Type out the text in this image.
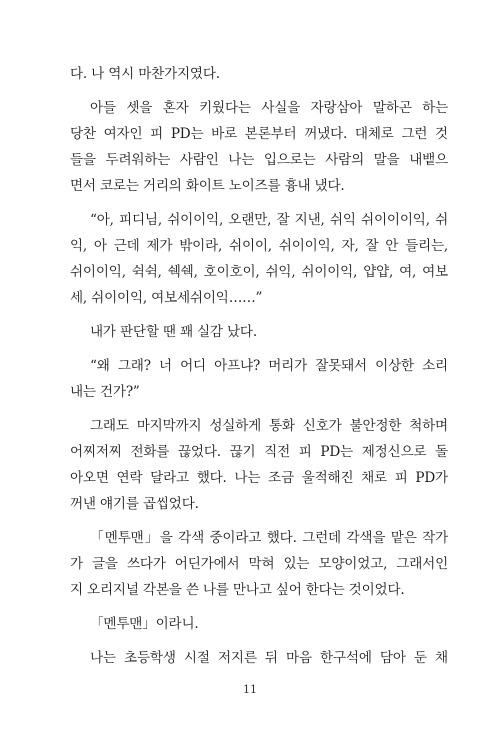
다. 나 역시 마찬가지였다.
아들 셋을 혼자 키웠다는 사실을 자랑삼아 말하곤 하는
당찬 여자인 피 PD는 바로 본론부터 꺼냈다. 대체로 그런 것
들을 두려워하는 사람인 나는 입으로는 사람의 말을 내뱉으
면서 코로는 거리의 화이트 노이즈를 흉내 냈다.
“아, 피디님, 쉬이이익, 오랜만, 잘 지낸, 쉬익 쉬이이이익, 쉬
익, 아 근데 제가 밖이라, 쉬이이, 쉬이이익, 자, 잘 안 들리는,
쉬이이익, 쉭쉭, 쉑쉑, 호이호이, 쉬익, 쉬이이익, 얍얍, 여, 여보
세, 쉬이이익, 여보세쉬이익……”
내가 판단할 땐 꽤 실감 났다.
“왜 그래? 너 어디 아프냐? 머리가 잘못돼서 이상한 소리
내는 건가?”
그래도 마지막까지 성실하게 통화 신호가 불안정한 척하며
어찌저찌 전화를 끊었다. 끊기 직전 피 PD는 제정신으로 돌
아오면 연락 달라고 했다. 나는 조금 울적해진 채로 피 PD가
꺼낸 얘기를 곱씹었다.
「멘투맨」을 각색 중이라고 했다. 그런데 각색을 맡은 작가
가 글을 쓰다가 어딘가에서 막혀 있는 모양이었고, 그래서인
지 오리지널 각본을 쓴 나를 만나고 싶어 한다는 것이었다.
「멘투맨」이라니.
나는 초등학생 시절 저지른 뒤 마음 한구석에 담아 둔 채
11
